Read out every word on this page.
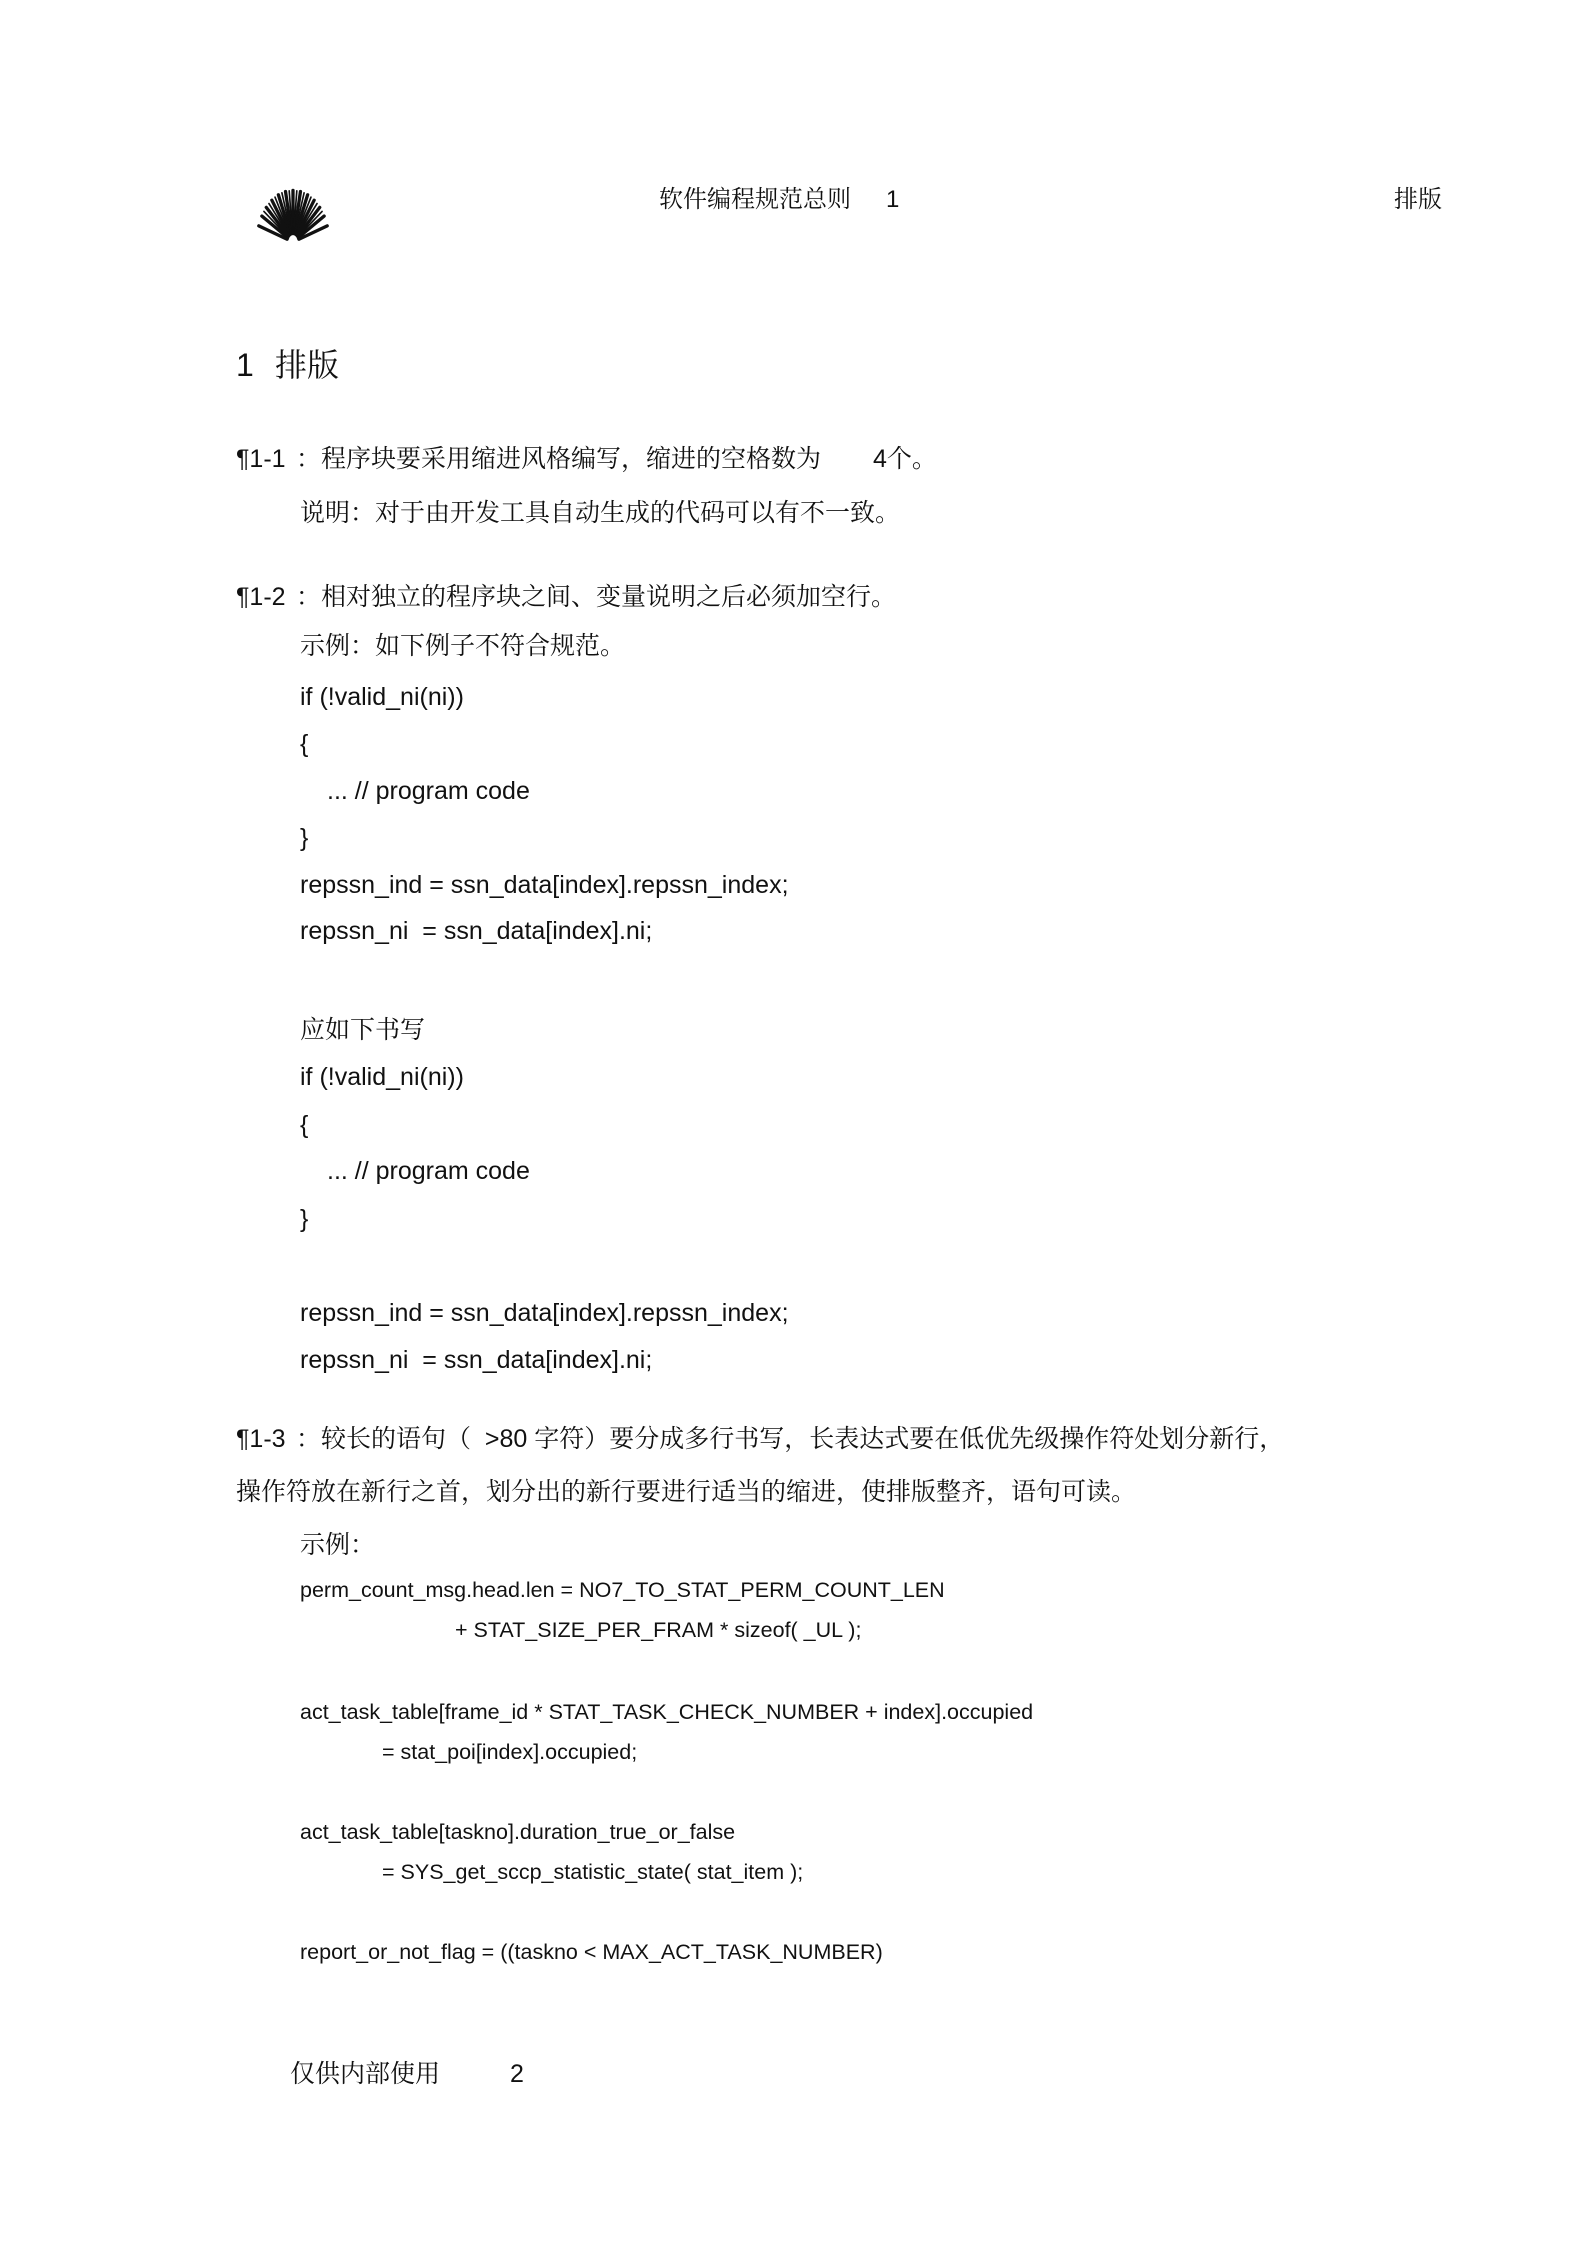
软件编程规范总则 1	排版
1 排版
¶1-1 ：程序块要采用缩进风格编写，缩进的空格数为 4个。
说明：对于由开发工具自动生成的代码可以有不一致。
¶1-2 ：相对独立的程序块之间、变量说明之后必须加空行。
示例：如下例子不符合规范。
if (!valid_ni(ni))
{
... // program code
}
repssn_ind = ssn_data[index].repssn_index;
repssn_ni  = ssn_data[index].ni;
应如下书写
if (!valid_ni(ni))
{
... // program code
}
repssn_ind = ssn_data[index].repssn_index;
repssn_ni  = ssn_data[index].ni;
¶1-3 ：较长的语句（  >80 字符）要分成多行书写，长表达式要在低优先级操作符处划分新行，
操作符放在新行之首，划分出的新行要进行适当的缩进，使排版整齐，语句可读。
示例：
perm_count_msg.head.len = NO7_TO_STAT_PERM_COUNT_LEN
+ STAT_SIZE_PER_FRAM * sizeof( _UL );
act_task_table[frame_id * STAT_TASK_CHECK_NUMBER + index].occupied
= stat_poi[index].occupied;
act_task_table[taskno].duration_true_or_false
= SYS_get_sccp_statistic_state( stat_item );
report_or_not_flag = ((taskno < MAX_ACT_TASK_NUMBER)
仅供内部使用	2
